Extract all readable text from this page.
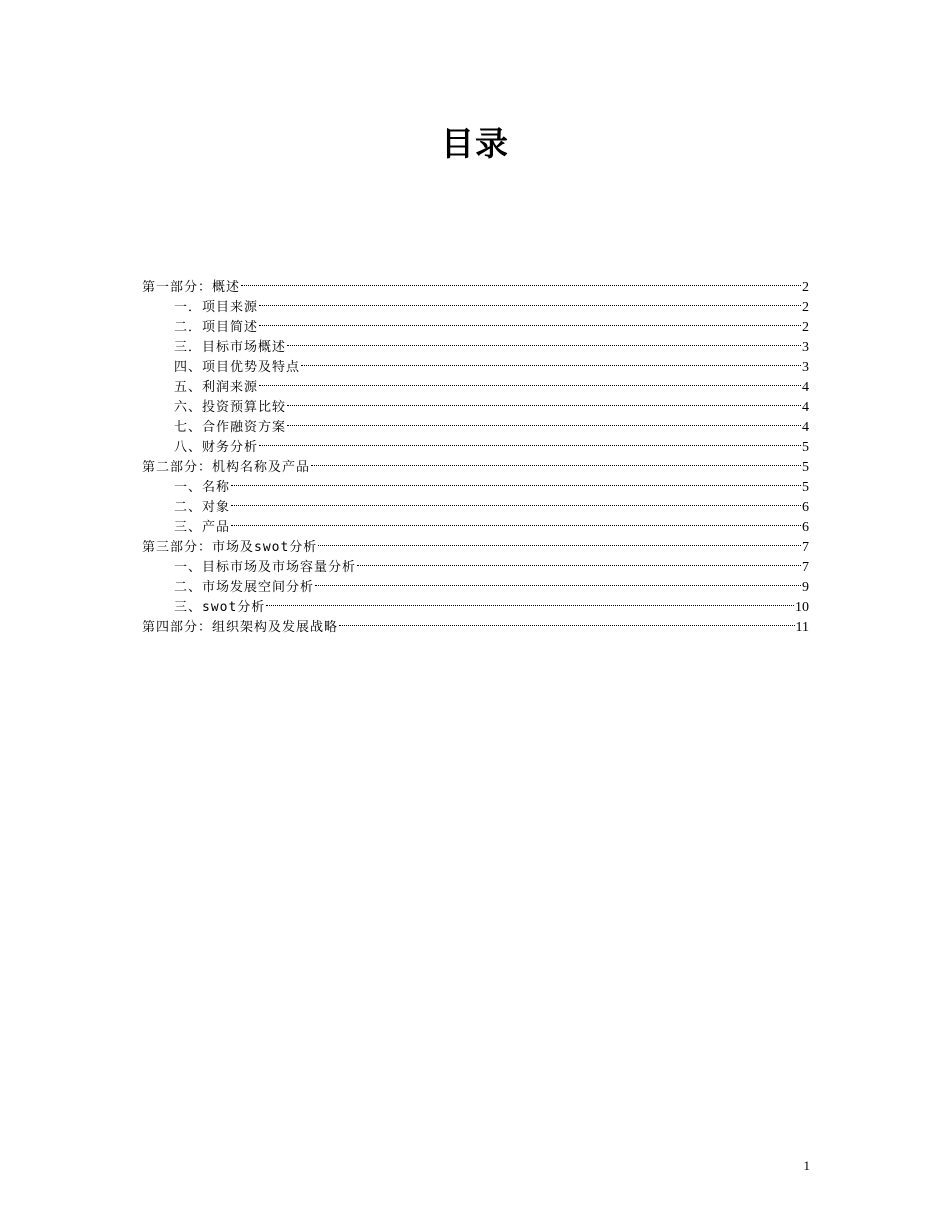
目录
第一部分：概述	2
一．项目来源	2
二．项目简述	2
三．目标市场概述	3
四、项目优势及特点	3
五、利润来源	4
六、投资预算比较	4
七、合作融资方案	4
八、财务分析	5
第二部分：机构名称及产品	5
一、名称	5
二、对象	6
三、产品	6
第三部分：市场及swot分析	7
一、目标市场及市场容量分析	7
二、市场发展空间分析	9
三、swot分析	10
第四部分：组织架构及发展战略	11
1
